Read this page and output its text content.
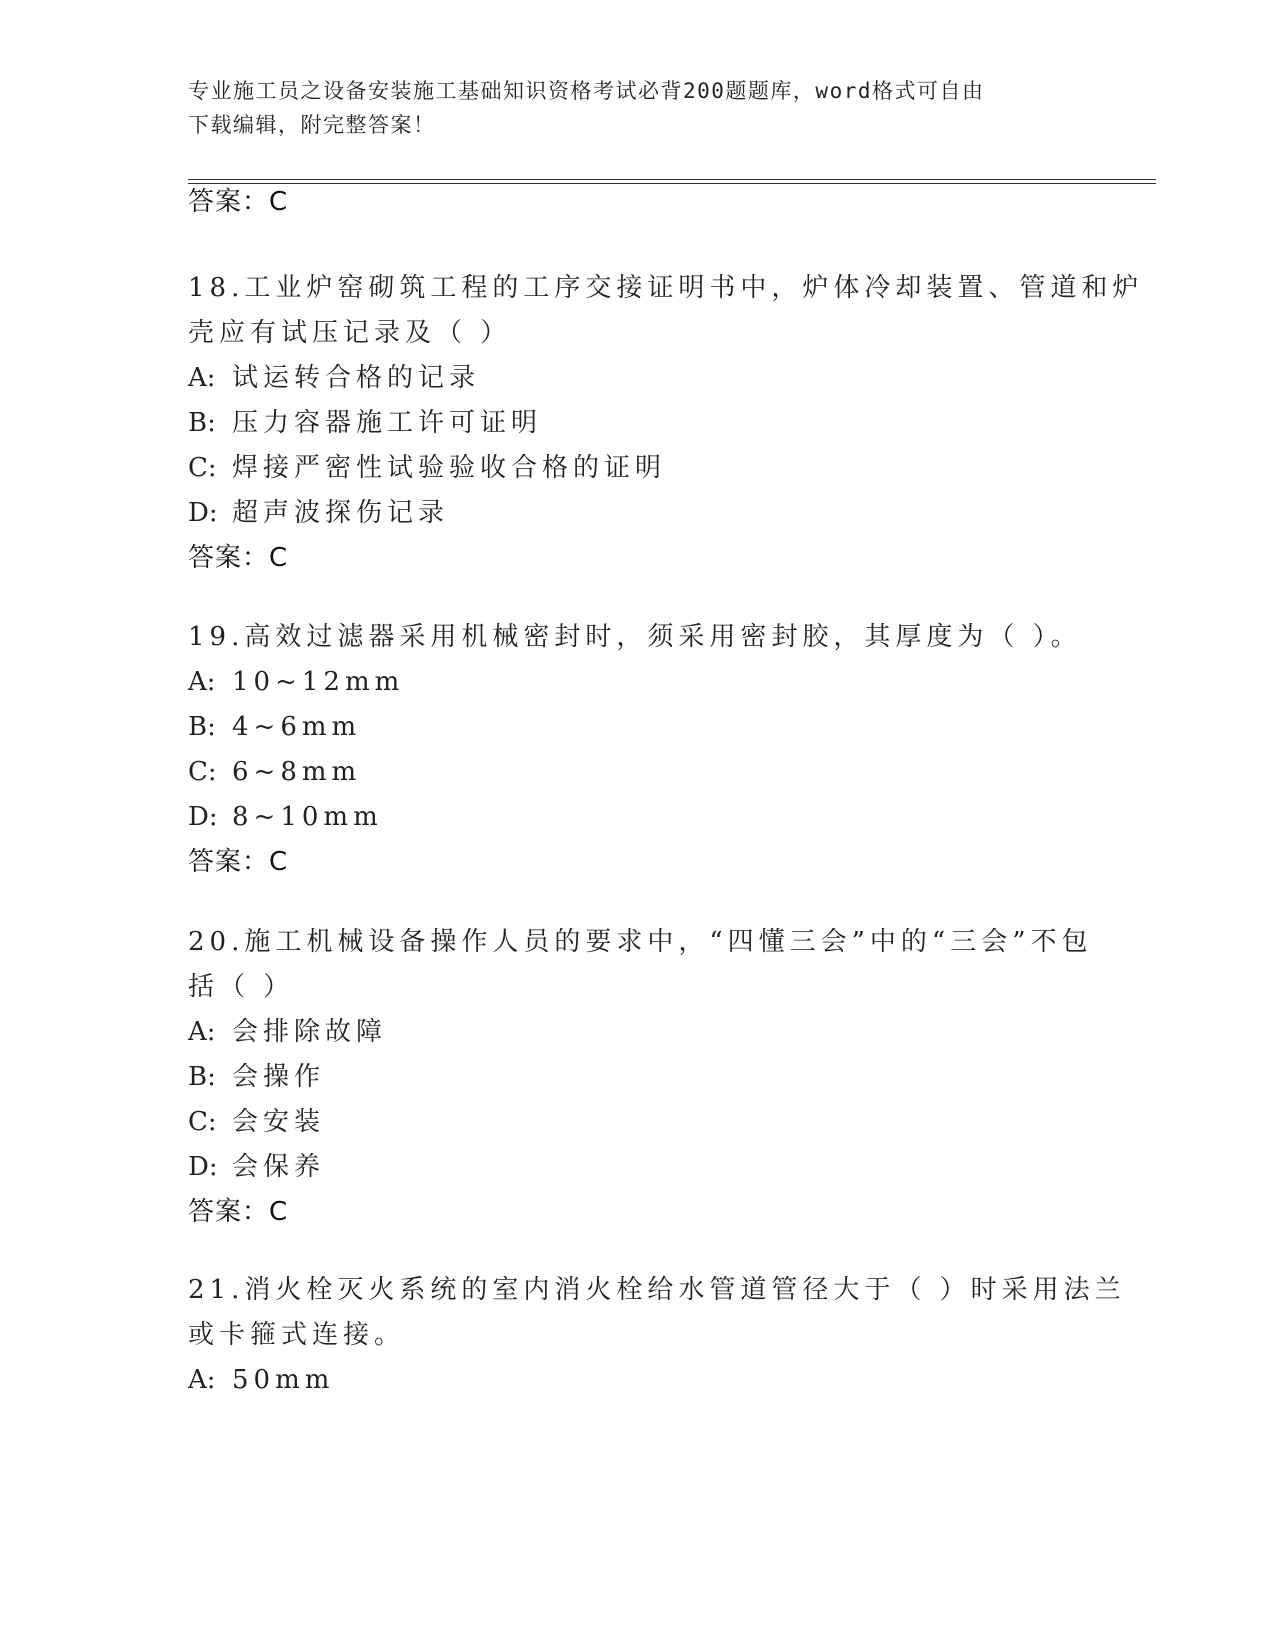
专业施工员之设备安装施工基础知识资格考试必背200题题库，word格式可自由
下载编辑，附完整答案！
答案：C
18.工业炉窑砌筑工程的工序交接证明书中，炉体冷却装置、管道和炉
壳应有试压记录及（ ）
A: 试运转合格的记录
B: 压力容器施工许可证明
C: 焊接严密性试验验收合格的证明
D: 超声波探伤记录
答案：C
19.高效过滤器采用机械密封时，须采用密封胶，其厚度为（ ）。
A: 10~12mm
B: 4~6mm
C: 6~8mm
D: 8~10mm
答案：C
20.施工机械设备操作人员的要求中，“四懂三会”中的“三会”不包
括（ ）
A: 会排除故障
B: 会操作
C: 会安装
D: 会保养
答案：C
21.消火栓灭火系统的室内消火栓给水管道管径大于（ ）时采用法兰
或卡箍式连接。
A: 50mm
